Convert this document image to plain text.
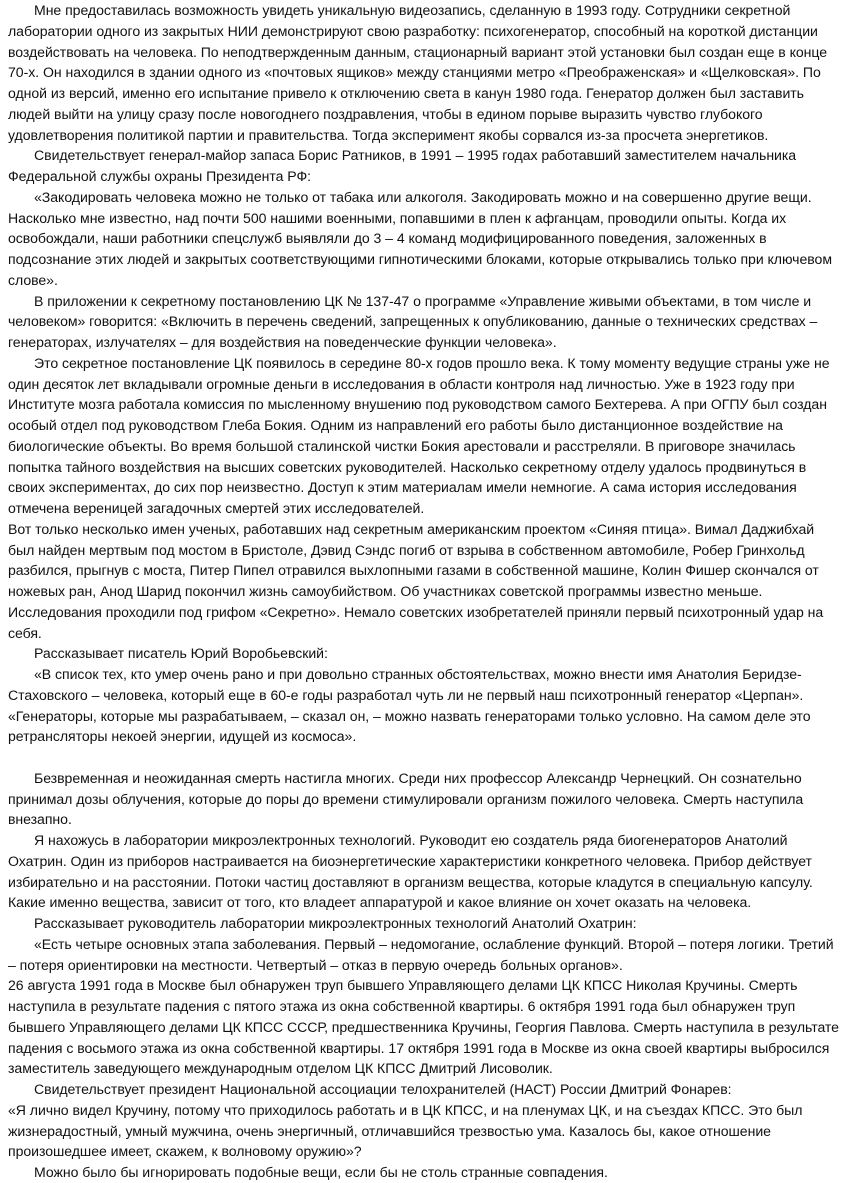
Мне предоставилась возможность увидеть уникальную видеозапись, сделанную в 1993 году. Сотрудники секретной лаборатории одного из закрытых НИИ демонстрируют свою разработку: психогенератор, способный на короткой дистанции воздействовать на человека. По неподтвержденным данным, стационарный вариант этой установки был создан еще в конце 70-х. Он находился в здании одного из «почтовых ящиков» между станциями метро «Преображенская» и «Щелковская». По одной из версий, именно его испытание привело к отключению света в канун 1980 года. Генератор должен был заставить людей выйти на улицу сразу после новогоднего поздравления, чтобы в едином порыве выразить чувство глубокого удовлетворения политикой партии и правительства. Тогда эксперимент якобы сорвался из-за просчета энергетиков.

Свидетельствует генерал-майор запаса Борис Ратников, в 1991 – 1995 годах работавший заместителем начальника Федеральной службы охраны Президента РФ:

«Закодировать человека можно не только от табака или алкоголя. Закодировать можно и на совершенно другие вещи. Насколько мне известно, над почти 500 нашими военными, попавшими в плен к афганцам, проводили опыты. Когда их освобождали, наши работники спецслужб выявляли до 3 – 4 команд модифицированного поведения, заложенных в подсознание этих людей и закрытых соответствующими гипнотическими блоками, которые открывались только при ключевом слове».

В приложении к секретному постановлению ЦК № 137-47 о программе «Управление живыми объектами, в том числе и человеком» говорится: «Включить в перечень сведений, запрещенных к опубликованию, данные о технических средствах – генераторах, излучателях – для воздействия на поведенческие функции человека».

Это секретное постановление ЦК появилось в середине 80-х годов прошло века. К тому моменту ведущие страны уже не один десяток лет вкладывали огромные деньги в исследования в области контроля над личностью. Уже в 1923 году при Институте мозга работала комиссия по мысленному внушению под руководством самого Бехтерева. А при ОГПУ был создан особый отдел под руководством Глеба Бокия. Одним из направлений его работы было дистанционное воздействие на биологические объекты. Во время большой сталинской чистки Бокия арестовали и расстреляли. В приговоре значилась попытка тайного воздействия на высших советских руководителей. Насколько секретному отделу удалось продвинуться в своих экспериментах, до сих пор неизвестно. Доступ к этим материалам имели немногие. А сама история исследования отмечена вереницей загадочных смертей этих исследователей.

Вот только несколько имен ученых, работавших над секретным американским проектом «Синяя птица». Вимал Даджибхай был найден мертвым под мостом в Бристоле, Дэвид Сэндс погиб от взрыва в собственном автомобиле, Робер Гринхольд разбился, прыгнув с моста, Питер Пипел отравился выхлопными газами в собственной машине, Колин Фишер скончался от ножевых ран, Анод Шарид покончил жизнь самоубийством. Об участниках советской программы известно меньше. Исследования проходили под грифом «Секретно». Немало советских изобретателей приняли первый психотронный удар на себя.

Рассказывает писатель Юрий Воробьевский:

«В список тех, кто умер очень рано и при довольно странных обстоятельствах, можно внести имя Анатолия Беридзе-Стаховского – человека, который еще в 60-е годы разработал чуть ли не первый наш психотронный генератор «Церпан». «Генераторы, которые мы разрабатываем, – сказал он, – можно назвать генераторами только условно. На самом деле это ретрансляторы некоей энергии, идущей из космоса».

Безвременная и неожиданная смерть настигла многих. Среди них профессор Александр Чернецкий. Он сознательно принимал дозы облучения, которые до поры до времени стимулировали организм пожилого человека. Смерть наступила внезапно.

Я нахожусь в лаборатории микроэлектронных технологий. Руководит ею создатель ряда биогенераторов Анатолий Охатрин. Один из приборов настраивается на биоэнергетические характеристики конкретного человека. Прибор действует избирательно и на расстоянии. Потоки частиц доставляют в организм вещества, которые кладутся в специальную капсулу. Какие именно вещества, зависит от того, кто владеет аппаратурой и какое влияние он хочет оказать на человека.

Рассказывает руководитель лаборатории микроэлектронных технологий Анатолий Охатрин:

«Есть четыре основных этапа заболевания. Первый – недомогание, ослабление функций. Второй – потеря логики. Третий – потеря ориентировки на местности. Четвертый – отказ в первую очередь больных органов».

26 августа 1991 года в Москве был обнаружен труп бывшего Управляющего делами ЦК КПСС Николая Кручины. Смерть наступила в результате падения с пятого этажа из окна собственной квартиры. 6 октября 1991 года был обнаружен труп бывшего Управляющего делами ЦК КПСС СССР, предшественника Кручины, Георгия Павлова. Смерть наступила в результате падения с восьмого этажа из окна собственной квартиры. 17 октября 1991 года в Москве из окна своей квартиры выбросился заместитель заведующего международным отделом ЦК КПСС Дмитрий Лисоволик.

Свидетельствует президент Национальной ассоциации телохранителей (НАСТ) России Дмитрий Фонарев:

«Я лично видел Кручину, потому что приходилось работать и в ЦК КПСС, и на пленумах ЦК, и на съездах КПСС. Это был жизнерадостный, умный мужчина, очень энергичный, отличавшийся трезвостью ума. Казалось бы, какое отношение произошедшее имеет, скажем, к волновому оружию»?

Можно было бы игнорировать подобные вещи, если бы не столь странные совпадения.
